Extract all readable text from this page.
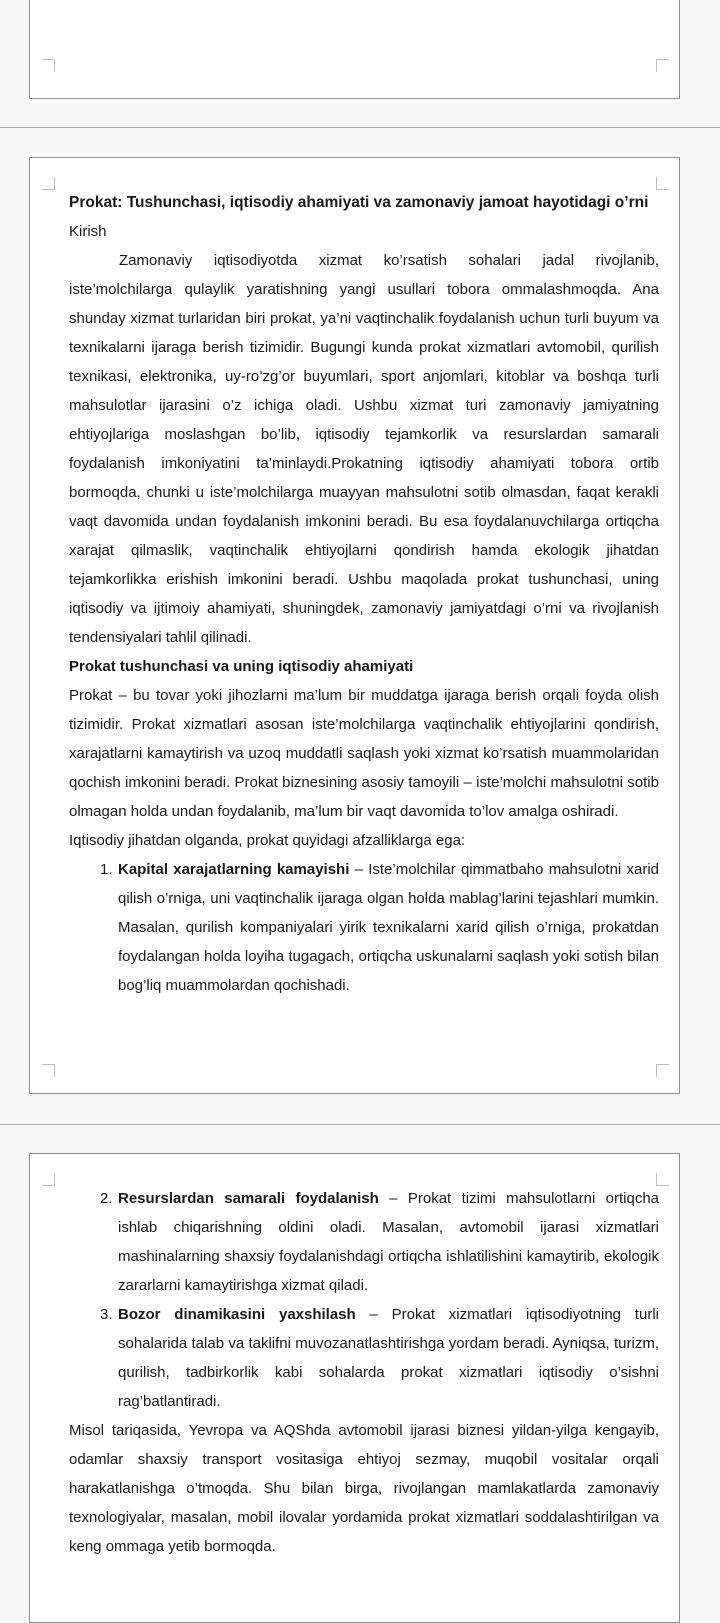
Prokat: Tushunchasi, iqtisodiy ahamiyati va zamonaviy jamoat hayotidagi o’rni

Kirish

Zamonaviy iqtisodiyotda xizmat ko’rsatish sohalari jadal rivojlanib, iste’molchilarga qulaylik yaratishning yangi usullari tobora ommalashmoqda. Ana shunday xizmat turlaridan biri prokat, ya’ni vaqtinchalik foydalanish uchun turli buyum va texnikalarni ijaraga berish tizimidir. Bugungi kunda prokat xizmatlari avtomobil, qurilish texnikasi, elektronika, uy-ro’zg’or buyumlari, sport anjomlari, kitoblar va boshqa turli mahsulotlar ijarasini o’z ichiga oladi. Ushbu xizmat turi zamonaviy jamiyatning ehtiyojlariga moslashgan bo’lib, iqtisodiy tejamkorlik va resurslardan samarali foydalanish imkoniyatini ta’minlaydi.Prokatning iqtisodiy ahamiyati tobora ortib bormoqda, chunki u iste’molchilarga muayyan mahsulotni sotib olmasdan, faqat kerakli vaqt davomida undan foydalanish imkonini beradi. Bu esa foydalanuvchilarga ortiqcha xarajat qilmaslik, vaqtinchalik ehtiyojlarni qondirish hamda ekologik jihatdan tejamkorlikka erishish imkonini beradi. Ushbu maqolada prokat tushunchasi, uning iqtisodiy va ijtimoiy ahamiyati, shuningdek, zamonaviy jamiyatdagi o’rni va rivojlanish tendensiyalari tahlil qilinadi.

Prokat tushunchasi va uning iqtisodiy ahamiyati

Prokat – bu tovar yoki jihozlarni ma’lum bir muddatga ijaraga berish orqali foyda olish tizimidir. Prokat xizmatlari asosan iste’molchilarga vaqtinchalik ehtiyojlarini qondirish, xarajatlarni kamaytirish va uzoq muddatli saqlash yoki xizmat ko’rsatish muammolaridan qochish imkonini beradi. Prokat biznesining asosiy tamoyili – iste’molchi mahsulotni sotib olmagan holda undan foydalanib, ma’lum bir vaqt davomida to’lov amalga oshiradi.

Iqtisodiy jihatdan olganda, prokat quyidagi afzalliklarga ega:

1. Kapital xarajatlarning kamayishi – Iste’molchilar qimmatbaho mahsulotni xarid qilish o’rniga, uni vaqtinchalik ijaraga olgan holda mablag’larini tejashlari mumkin. Masalan, qurilish kompaniyalari yirik texnikalarni xarid qilish o’rniga, prokatdan foydalangan holda loyiha tugagach, ortiqcha uskunalarni saqlash yoki sotish bilan bog’liq muammolardan qochishadi.

2. Resurslardan samarali foydalanish – Prokat tizimi mahsulotlarni ortiqcha ishlab chiqarishning oldini oladi. Masalan, avtomobil ijarasi xizmatlari mashinalarning shaxsiy foydalanishdagi ortiqcha ishlatilishini kamaytirib, ekologik zararlarni kamaytirishga xizmat qiladi.

3. Bozor dinamikasini yaxshilash – Prokat xizmatlari iqtisodiyotning turli sohalarida talab va taklifni muvozanatlashtirishga yordam beradi. Ayniqsa, turizm, qurilish, tadbirkorlik kabi sohalarda prokat xizmatlari iqtisodiy o’sishni rag’batlantiradi.

Misol tariqasida, Yevropa va AQShda avtomobil ijarasi biznesi yildan-yilga kengayib, odamlar shaxsiy transport vositasiga ehtiyoj sezmay, muqobil vositalar orqali harakatlanishga o’tmoqda. Shu bilan birga, rivojlangan mamlakatlarda zamonaviy texnologiyalar, masalan, mobil ilovalar yordamida prokat xizmatlari soddalashtirilgan va keng ommaga yetib bormoqda.
